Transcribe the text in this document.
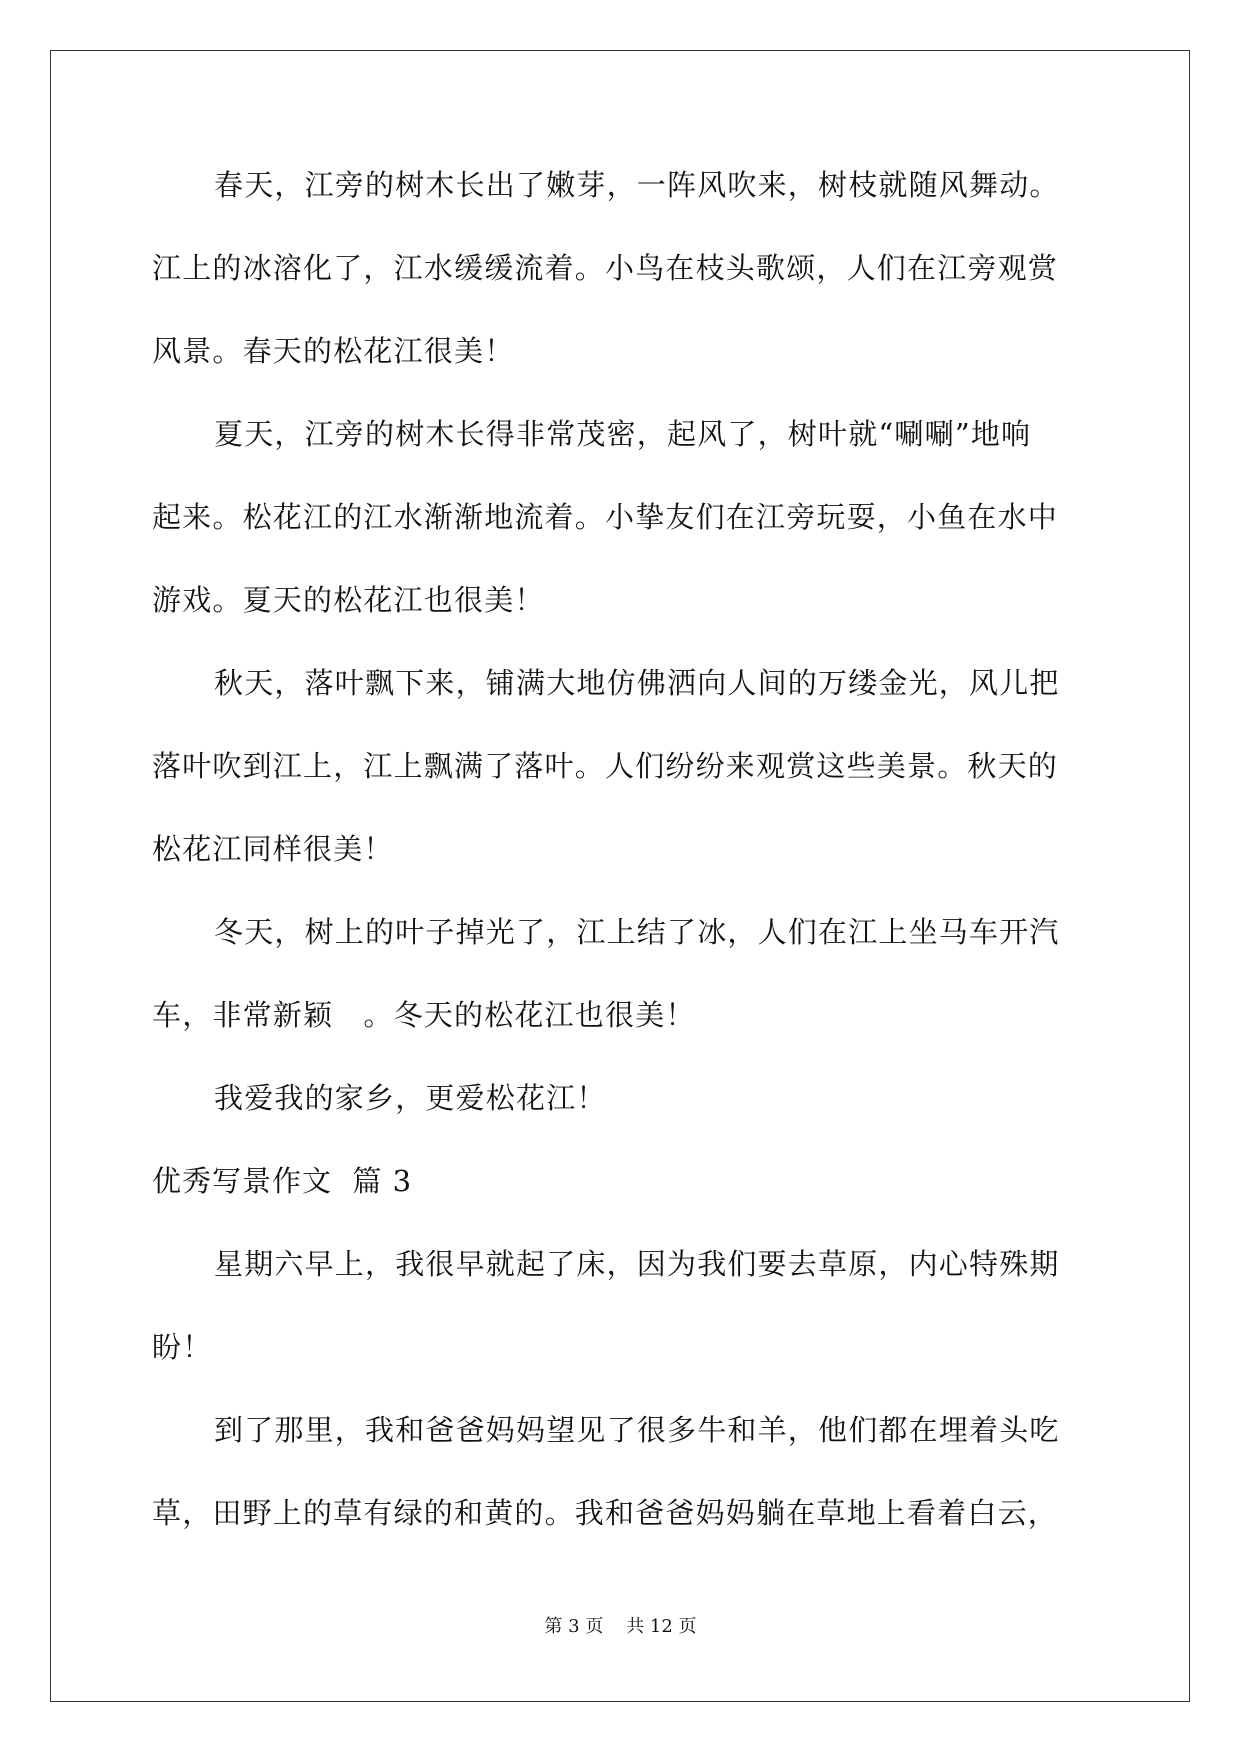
春天，江旁的树木长出了嫩芽，一阵风吹来，树枝就随风舞动。
江上的冰溶化了，江水缓缓流着。小鸟在枝头歌颂，人们在江旁观赏
风景。春天的松花江很美！
夏天，江旁的树木长得非常茂密，起风了，树叶就“唰唰”地响
起来。松花江的江水渐渐地流着。小挚友们在江旁玩耍，小鱼在水中
游戏。夏天的松花江也很美！
秋天，落叶飘下来，铺满大地仿佛洒向人间的万缕金光，风儿把
落叶吹到江上，江上飘满了落叶。人们纷纷来观赏这些美景。秋天的
松花江同样很美！
冬天，树上的叶子掉光了，江上结了冰，人们在江上坐马车开汽
车，非常新颖　。冬天的松花江也很美！
我爱我的家乡，更爱松花江！
优秀写景作文  篇 3
星期六早上，我很早就起了床，因为我们要去草原，内心特殊期
盼！
到了那里，我和爸爸妈妈望见了很多牛和羊，他们都在埋着头吃
草，田野上的草有绿的和黄的。我和爸爸妈妈躺在草地上看着白云，
第 3 页    共 12 页
